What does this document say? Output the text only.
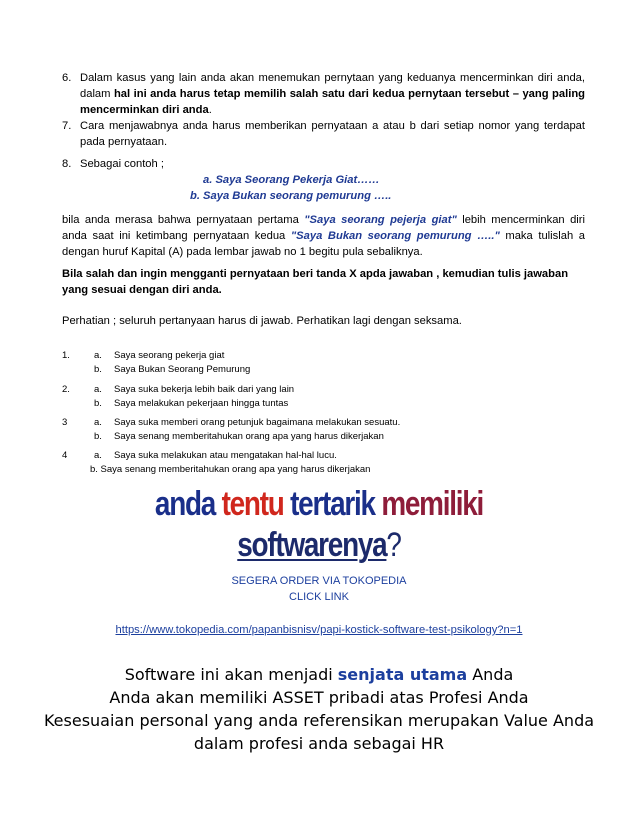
6. Dalam kasus yang lain anda akan menemukan pernytaan yang keduanya mencerminkan diri anda, dalam hal ini anda harus tetap memilih salah satu dari kedua pernytaan tersebut – yang paling mencerminkan diri anda.
7. Cara menjawabnya anda harus memberikan pernyataan a atau b dari setiap nomor yang terdapat pada pernyataan.
8. Sebagai contoh ;
a. Saya Seorang Pekerja Giat……
b. Saya Bukan seorang pemurung …..
bila anda merasa bahwa pernyataan pertama "Saya seorang pejerja giat" lebih mencerminkan diri anda saat ini ketimbang pernyataan kedua "Saya Bukan seorang pemurung ….." maka tulislah a dengan huruf Kapital (A) pada lembar jawab no 1 begitu pula sebaliknya.
Bila salah dan ingin mengganti pernyataan beri tanda X apda jawaban , kemudian tulis jawaban yang sesuai dengan diri anda.
Perhatian ; seluruh pertanyaan harus di jawab. Perhatikan lagi dengan seksama.
1.	a. Saya seorang pekerja giat
b. Saya Bukan Seorang Pemurung
2.	a. Saya suka bekerja lebih baik dari yang lain
b. Saya melakukan pekerjaan hingga tuntas
3	a. Saya suka memberi orang petunjuk bagaimana melakukan sesuatu.
b. Saya senang memberitahukan orang apa yang harus dikerjakan
4	a. Saya suka melakukan atau mengatakan hal-hal lucu.
b. Saya senang memberitahukan orang apa yang harus dikerjakan
anda tentu tertarik memiliki
softwarenya?
SEGERA ORDER VIA TOKOPEDIA
CLICK LINK
https://www.tokopedia.com/papanbisnisv/papi-kostick-software-test-psikology?n=1
Software ini akan menjadi senjata utama Anda
Anda akan memiliki ASSET pribadi atas Profesi Anda
Kesesuaian personal yang anda referensikan merupakan Value Anda
dalam profesi anda sebagai HR
